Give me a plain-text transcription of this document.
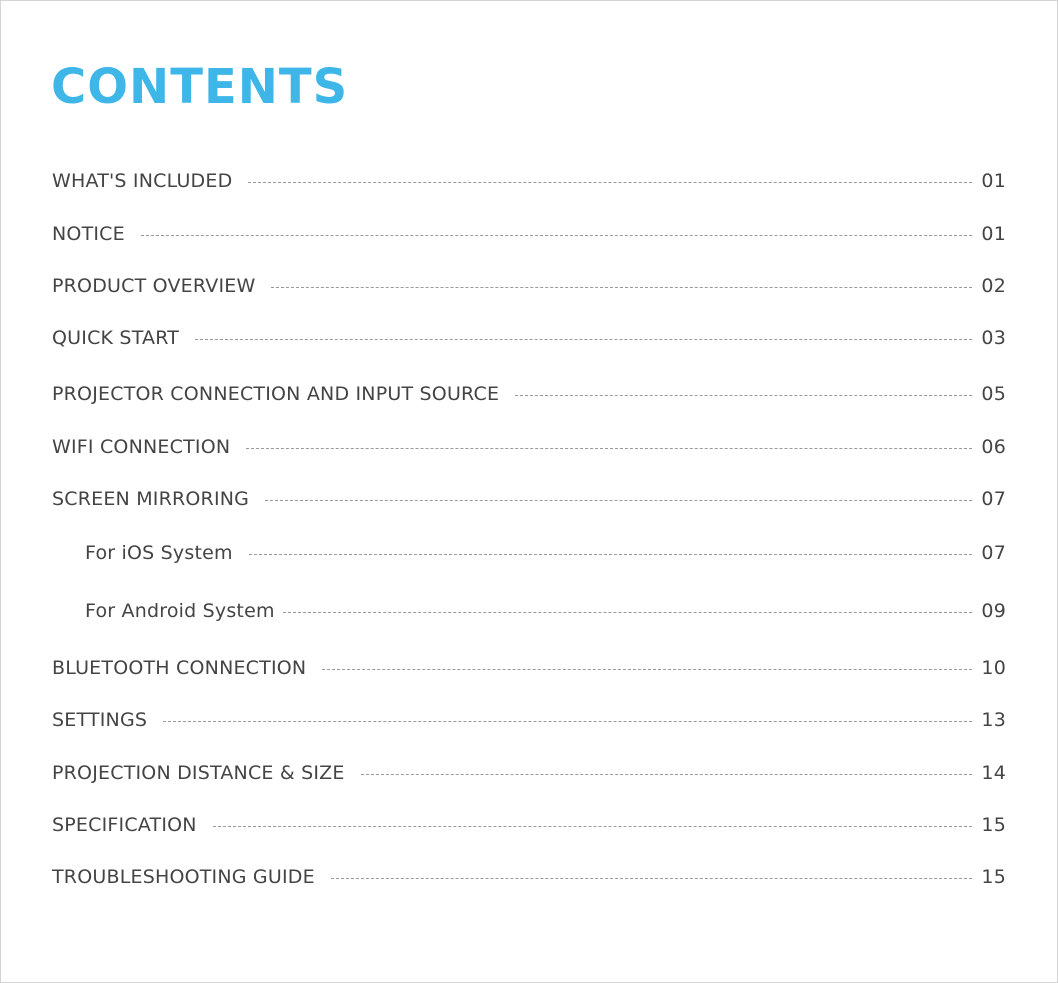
CONTENTS
WHAT'S INCLUDED	01
NOTICE	01
PRODUCT OVERVIEW	02
QUICK START	03
PROJECTOR CONNECTION AND INPUT SOURCE	05
WIFI CONNECTION	06
SCREEN MIRRORING	07
For iOS System	07
For Android System	09
BLUETOOTH CONNECTION	10
SETTINGS	13
PROJECTION DISTANCE & SIZE	14
SPECIFICATION	15
TROUBLESHOOTING GUIDE	15
